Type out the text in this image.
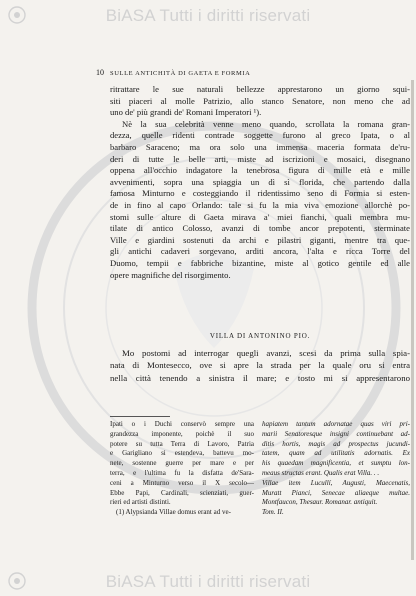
BiASA Tutti i diritti riservati
10 SULLE ANTICHITÀ DI GAETA E FORMIA
ritrattare le sue naturali bellezze apprestarono un giorno squi-
siti piaceri al molle Patrizio, allo stanco Senatore, non meno che ad
uno de' più grandi de' Romani Imperatori ¹).
Nè la sua celebrità venne meno quando, scrollata la romana gran-
dezza, quelle ridenti contrade soggette furono al greco Ipata, o al
barbaro Saraceno; ma ora solo una immensa maceria formata de'ru-
deri di tutte le belle arti, miste ad iscrizioni e mosaici, disegnano
oppena all'occhio indagatore la tenebrosa figura di mille età e mille
avvenimenti, sopra una spiaggia un dì sì florida, che partendo dalla
famosa Minturno e costeggiando il ridentissimo seno di Formia si esten-
de in fino al capo Orlando: tale si fu la mia viva emozione allorchè po-
stomi sulle alture di Gaeta mirava a' miei fianchi, quali membra mu-
tilate di antico Colosso, avanzi di tombe ancor prepotenti, sterminate
Ville e giardini sostenuti da archi e pilastri giganti, mentre tra que-
gli antichi cadaveri sorgevano, arditi ancora, l'alta e ricca Torre del
Duomo, tempii e fabbriche bizantine, miste al gotico gentile ed alle
opere magnifiche del risorgimento.
VILLA DI ANTONINO PIO.
Mo postomi ad interrogar quegli avanzi, scesi da prima sulla spia-
nata di Montesecco, ove si apre la strada per la quale oru si entra
nella città tenendo a sinistra il mare; e tosto mi si appresentarono
Ipati o i Duchi conservò sempre una
grandezza imponente, poichè il suo
potere su tutta Terra di Lavoro, Patria
e Garigliano si estendeva, battevu mo-
nete, sostenne guerre per mare e per
terra, e l'ultima fu la disfatta de'Sara-
ceni a Minturno verso il X secolo—
Ebbe Papi, Cardinali, scienziati, guer-
rieri ed artisti distinti.
(1) Alypsianda Villae domus erant ad ve-
hapiatem tantum adornatae quas viri pri-
marii Senatoresque insigni continuebant ad-
ditis hortis, magis ad prospectus jucundi-
tatem, quam ad utilitatis adornatis. Ex
his quaedam magnificentia, et sumptu lon-
meaus structas erant. Qualis erat Villa. . .
Villae item Lucullí, Augusti, Maecenatis,
Muratt Pianci, Senecae aliaeque multae.
Montfaucon, Thesaur. Romanar. antiquit.
Tom. II.
BiASA Tutti i diritti riservati
